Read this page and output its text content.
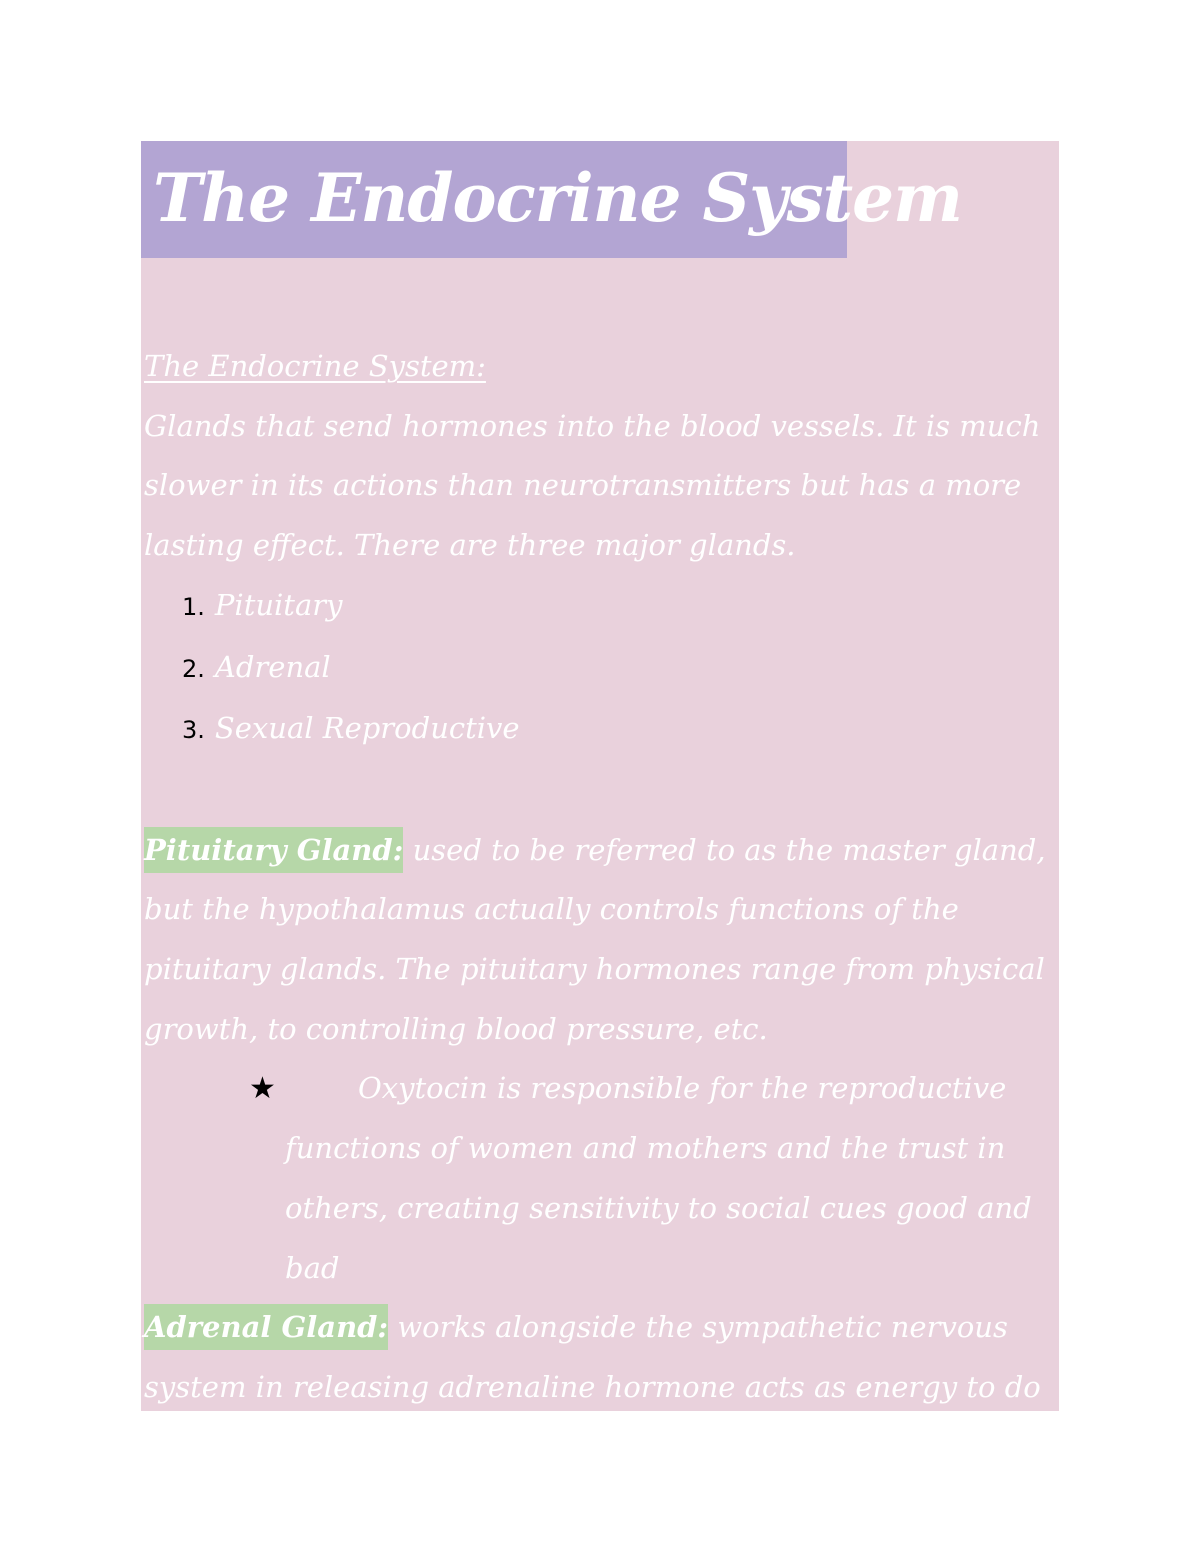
The Endocrine System

The Endocrine System:

Glands that send hormones into the blood vessels. It is much slower in its actions than neurotransmitters but has a more lasting effect. There are three major glands.

1. Pituitary
2. Adrenal
3. Sexual Reproductive

Pituitary Gland: used to be referred to as the master gland, but the hypothalamus actually controls functions of the pituitary glands. The pituitary hormones range from physical growth, to controlling blood pressure, etc.

★	Oxytocin is responsible for the reproductive functions of women and mothers and the trust in others, creating sensitivity to social cues good and bad

Adrenal Gland: works alongside the sympathetic nervous system in releasing adrenaline hormone acts as energy to do many things and cortisol in emotional sense in disengaging in dangerous
